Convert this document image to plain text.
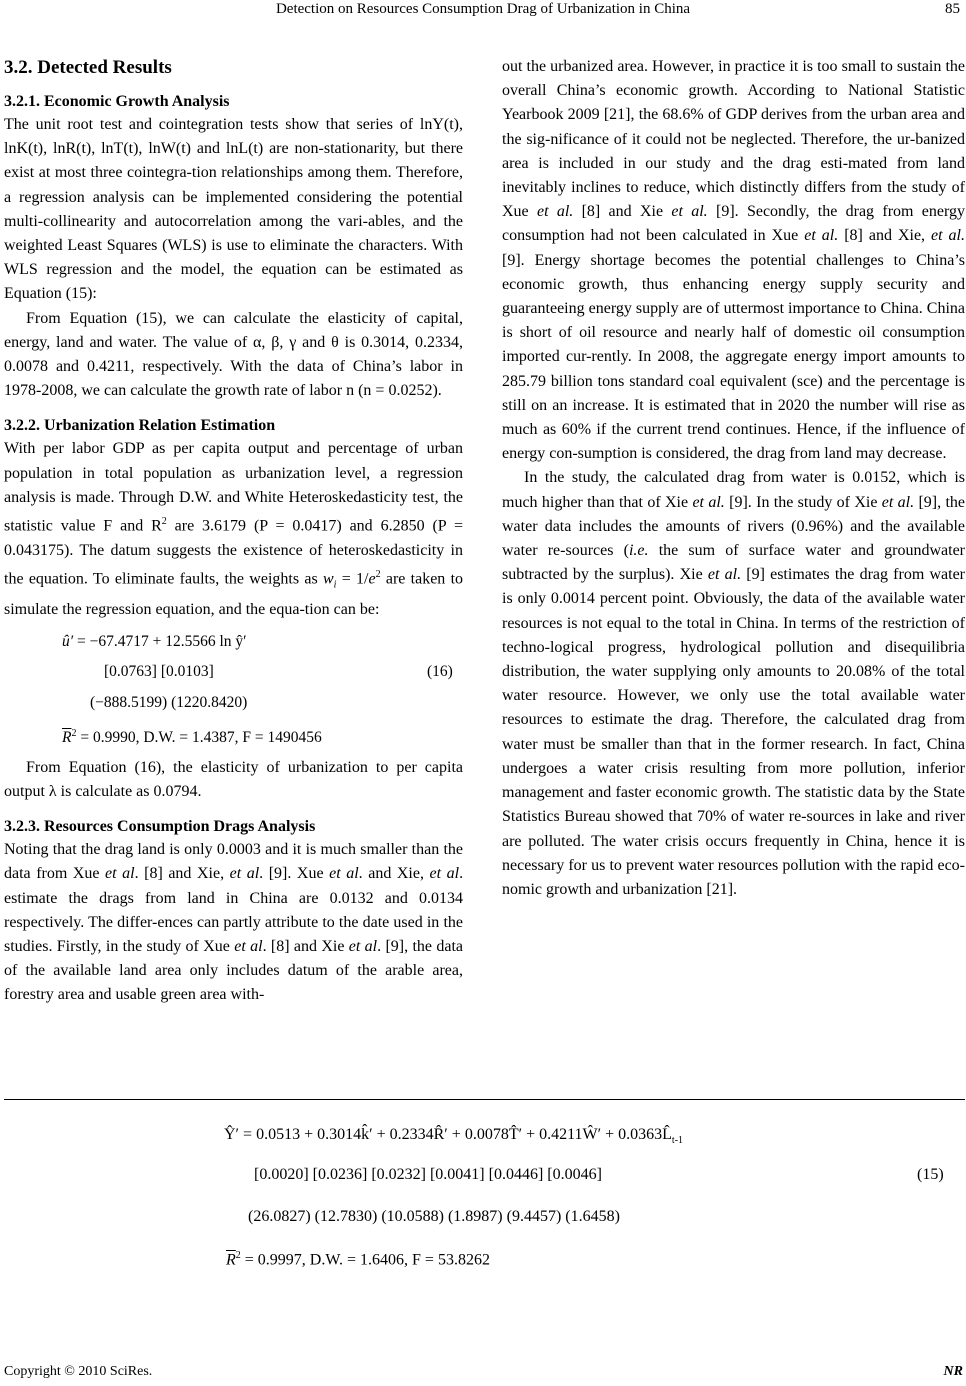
Detection on Resources Consumption Drag of Urbanization in China	85
3.2. Detected Results
3.2.1. Economic Growth Analysis

The unit root test and cointegration tests show that series of lnY(t), lnK(t), lnR(t), lnT(t), lnW(t) and lnL(t) are non-stationarity, but there exist at most three cointegra-tion relationships among them. Therefore, a regression analysis can be implemented considering the potential multi-collinearity and autocorrelation among the vari-ables, and the weighted Least Squares (WLS) is use to eliminate the characters. With WLS regression and the model, the equation can be estimated as Equation (15):

From Equation (15), we can calculate the elasticity of capital, energy, land and water. The value of α, β, γ and θ is 0.3014, 0.2334, 0.0078 and 0.4211, respectively. With the data of China’s labor in 1978-2008, we can calculate the growth rate of labor n (n = 0.0252).

3.2.2. Urbanization Relation Estimation

With per labor GDP as per capita output and percentage of urban population in total population as urbanization level, a regression analysis is made. Through D.W. and White Heteroskedasticity test, the statistic value F and $R^2$ are 3.6179 (P = 0.0417) and 6.2850 (P = 0.043175). The datum suggests the existence of heteroskedasticity in the equation. To eliminate faults, the weights as $w_i = 1/e^2$ are taken to simulate the regression equation, and the equa-tion can be:

û′ = −67.4717 + 12.5566 ln ŷ′
[0.0763] [0.0103]
(−888.5199) (1220.8420)
(16)
$\overline{R}^2 = 0.9990$, D.W. = 1.4387, F = 1490456

From Equation (16), the elasticity of urbanization to per capita output λ is calculate as 0.0794.

3.2.3. Resources Consumption Drags Analysis

Noting that the drag land is only 0.0003 and it is much smaller than the data from Xue et al. [8] and Xie, et al. [9]. Xue et al. and Xie, et al. estimate the drags from land in China are 0.0132 and 0.0134 respectively. The differ-ences can partly attribute to the date used in the studies. Firstly, in the study of Xue et al. [8] and Xie et al. [9], the data of the available land area only includes datum of the arable area, forestry area and usable green area with-

out the urbanized area. However, in practice it is too small to sustain the overall China’s economic growth. According to National Statistic Yearbook 2009 [21], the 68.6% of GDP derives from the urban area and the sig-nificance of it could not be neglected. Therefore, the ur-banized area is included in our study and the drag esti-mated from land inevitably inclines to reduce, which distinctly differs from the study of Xue et al. [8] and Xie et al. [9]. Secondly, the drag from energy consumption had not been calculated in Xue et al. [8] and Xie, et al. [9]. Energy shortage becomes the potential challenges to China’s economic growth, thus enhancing energy supply security and guaranteeing energy supply are of uttermost importance to China. China is short of oil resource and nearly half of domestic oil consumption imported cur-rently. In 2008, the aggregate energy import amounts to 285.79 billion tons standard coal equivalent (sce) and the percentage is still on an increase. It is estimated that in 2020 the number will rise as much as 60% if the current trend continues. Hence, if the influence of energy con-sumption is considered, the drag from land may decrease.

In the study, the calculated drag from water is 0.0152, which is much higher than that of Xie et al. [9]. In the study of Xie et al. [9], the water data includes the amounts of rivers (0.96%) and the available water re-sources (i.e. the sum of surface water and groundwater subtracted by the surplus). Xie et al. [9] estimates the drag from water is only 0.0014 percent point. Obviously, the data of the available water resources is not equal to the total in China. In terms of the restriction of techno-logical progress, hydrological pollution and disequilibria distribution, the water supplying only amounts to 20.08% of the total water resource. However, we only use the total available water resources to estimate the drag. Therefore, the calculated drag from water must be smaller than that in the former research. In fact, China undergoes a water crisis resulting from more pollution, inferior management and faster economic growth. The statistic data by the State Statistics Bureau showed that 70% of water re-sources in lake and river are polluted. The water crisis occurs frequently in China, hence it is necessary for us to prevent water resources pollution with the rapid eco-nomic growth and urbanization [21].

Ŷ′ = 0.0513 + 0.3014k̂′ + 0.2334R̂′ + 0.0078T̂′ + 0.4211Ŵ′ + $0.0363L̂_{t-1}$
[0.0020] [0.0236] [0.0232] [0.0041] [0.0446] [0.0046]	(15)
(26.0827) (12.7830) (10.0588) (1.8987) (9.4457) (1.6458)
$\overline{R}^2 = 0.9997$, D.W. = 1.6406, F = 53.8262
Copyright © 2010 SciRes.	NR
